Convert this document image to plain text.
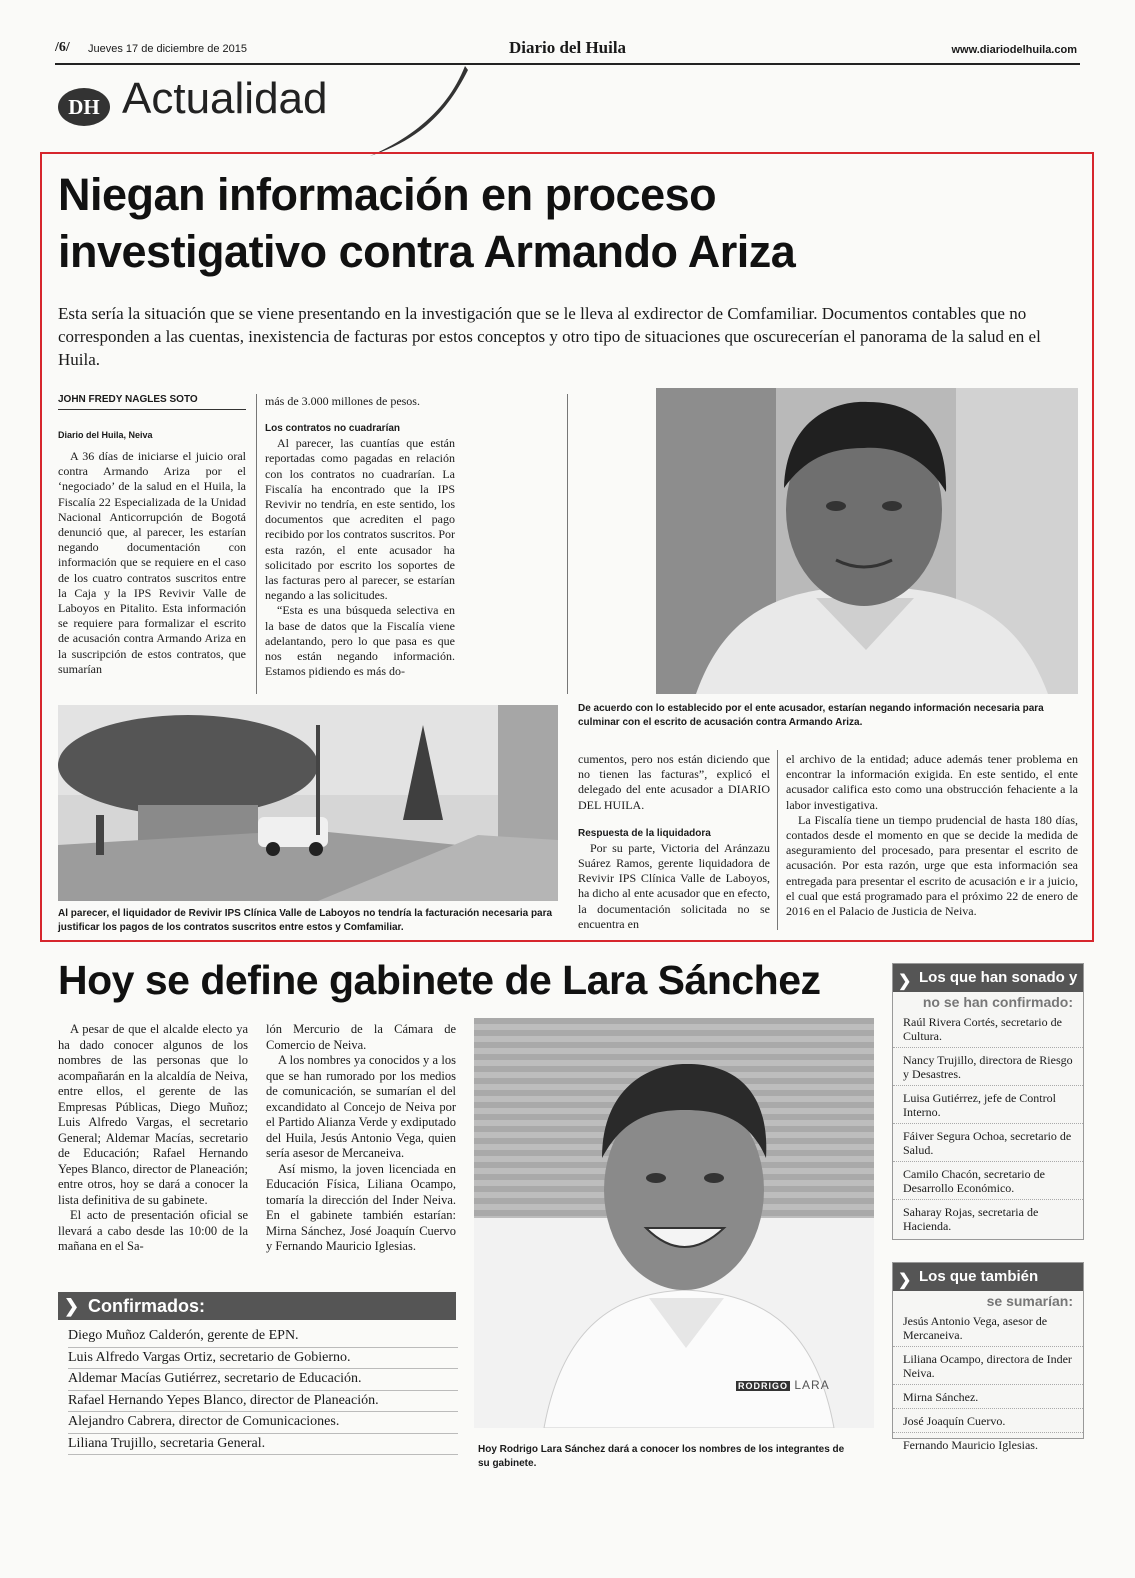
/6/ Jueves 17 de diciembre de 2015	Diario del Huila	www.diariodelhuila.com
DH Actualidad
Niegan información en proceso
investigativo contra Armando Ariza
Esta sería la situación que se viene presentando en la investigación que se le lleva al exdirector de Comfamiliar. Documentos contables que no corresponden a las cuentas, inexistencia de facturas por estos conceptos y otro tipo de situaciones que oscurecerían el panorama de la salud en el Huila.
JOHN FREDY NAGLES SOTO
Diario del Huila, Neiva

A 36 días de iniciarse el juicio oral contra Armando Ariza por el ‘negociado’ de la salud en el Huila, la Fiscalía 22 Especializada de la Unidad Nacional Anticorrupción de Bogotá denunció que, al parecer, les estarían negando documentación con información que se requiere en el caso de los cuatro contratos suscritos entre la Caja y la IPS Revivir Valle de Laboyos en Pitalito. Esta información se requiere para formalizar el escrito de acusación contra Armando Ariza en la suscripción de estos contratos, que sumarían

más de 3.000 millones de pesos.

Los contratos no cuadrarían

Al parecer, las cuantías que están reportadas como pagadas en relación con los contratos no cuadrarían. La Fiscalía ha encontrado que la IPS Revivir no tendría, en este sentido, los documentos que acrediten el pago recibido por los contratos suscritos. Por esta razón, el ente acusador ha solicitado por escrito los soportes de las facturas pero al parecer, se estarían negando a las solicitudes.

“Esta es una búsqueda selectiva en la base de datos que la Fiscalía viene adelantando, pero lo que pasa es que nos están negando información. Estamos pidiendo es más do-

De acuerdo con lo establecido por el ente acusador, estarían negando información necesaria para culminar con el escrito de acusación contra Armando Ariza.
Al parecer, el liquidador de Revivir IPS Clínica Valle de Laboyos no tendría la facturación necesaria para justificar los pagos de los contratos suscritos entre estos y Comfamiliar.

cumentos, pero nos están diciendo que no tienen las facturas”, explicó el delegado del ente acusador a DIARIO DEL HUILA.

Respuesta de la liquidadora

Por su parte, Victoria del Aránzazu Suárez Ramos, gerente liquidadora de Revivir IPS Clínica Valle de Laboyos, ha dicho al ente acusador que en efecto, la documentación solicitada no se encuentra en

el archivo de la entidad; aduce además tener problema en encontrar la información exigida. En este sentido, el ente acusador califica esto como una obstrucción fehaciente a la labor investigativa.

La Fiscalía tiene un tiempo prudencial de hasta 180 días, contados desde el momento en que se decide la medida de aseguramiento del procesado, para presentar el escrito de acusación. Por esta razón, urge que esta información sea entregada para presentar el escrito de acusación e ir a juicio, el cual que está programado para el próximo 22 de enero de 2016 en el Palacio de Justicia de Neiva.

Hoy se define gabinete de Lara Sánchez

A pesar de que el alcalde electo ya ha dado conocer algunos de los nombres de las personas que lo acompañarán en la alcaldía de Neiva, entre ellos, el gerente de las Empresas Públicas, Diego Muñoz; Luis Alfredo Vargas, el secretario General; Aldemar Macías, secretario de Educación; Rafael Hernando Yepes Blanco, director de Planeación; entre otros, hoy se dará a conocer la lista definitiva de su gabinete.

El acto de presentación oficial se llevará a cabo desde las 10:00 de la mañana en el Sa-

lón Mercurio de la Cámara de Comercio de Neiva.

A los nombres ya conocidos y a los que se han rumorado por los medios de comunicación, se sumarían el del excandidato al Concejo de Neiva por el Partido Alianza Verde y exdiputado del Huila, Jesús Antonio Vega, quien sería asesor de Mercaneiva.

Así mismo, la joven licenciada en Educación Física, Liliana Ocampo, tomaría la dirección del Inder Neiva. En el gabinete también estarían: Mirna Sánchez, José Joaquín Cuervo y Fernando Mauricio Iglesias.

❯ Confirmados:
Diego Muñoz Calderón, gerente de EPN.
Luis Alfredo Vargas Ortiz, secretario de Gobierno.
Aldemar Macías Gutiérrez, secretario de Educación.
Rafael Hernando Yepes Blanco, director de Planeación.
Alejandro Cabrera, director de Comunicaciones.
Liliana Trujillo, secretaria General.
RODRIGO LARA
Hoy Rodrigo Lara Sánchez dará a conocer los nombres de los integrantes de su gabinete.
❯ Los que han sonado y
no se han confirmado:
Raúl Rivera Cortés, secretario de Cultura.
Nancy Trujillo, directora de Riesgo y Desastres.
Luisa Gutiérrez, jefe de Control Interno.
Fáiver Segura Ochoa, secretario de Salud.
Camilo Chacón, secretario de Desarrollo Económico.
Saharay Rojas, secretaria de Hacienda.
❯ Los que también
se sumarían:
Jesús Antonio Vega, asesor de Mercaneiva.
Liliana Ocampo, directora de Inder Neiva.
Mirna Sánchez.
José Joaquín Cuervo.
Fernando Mauricio Iglesias.
